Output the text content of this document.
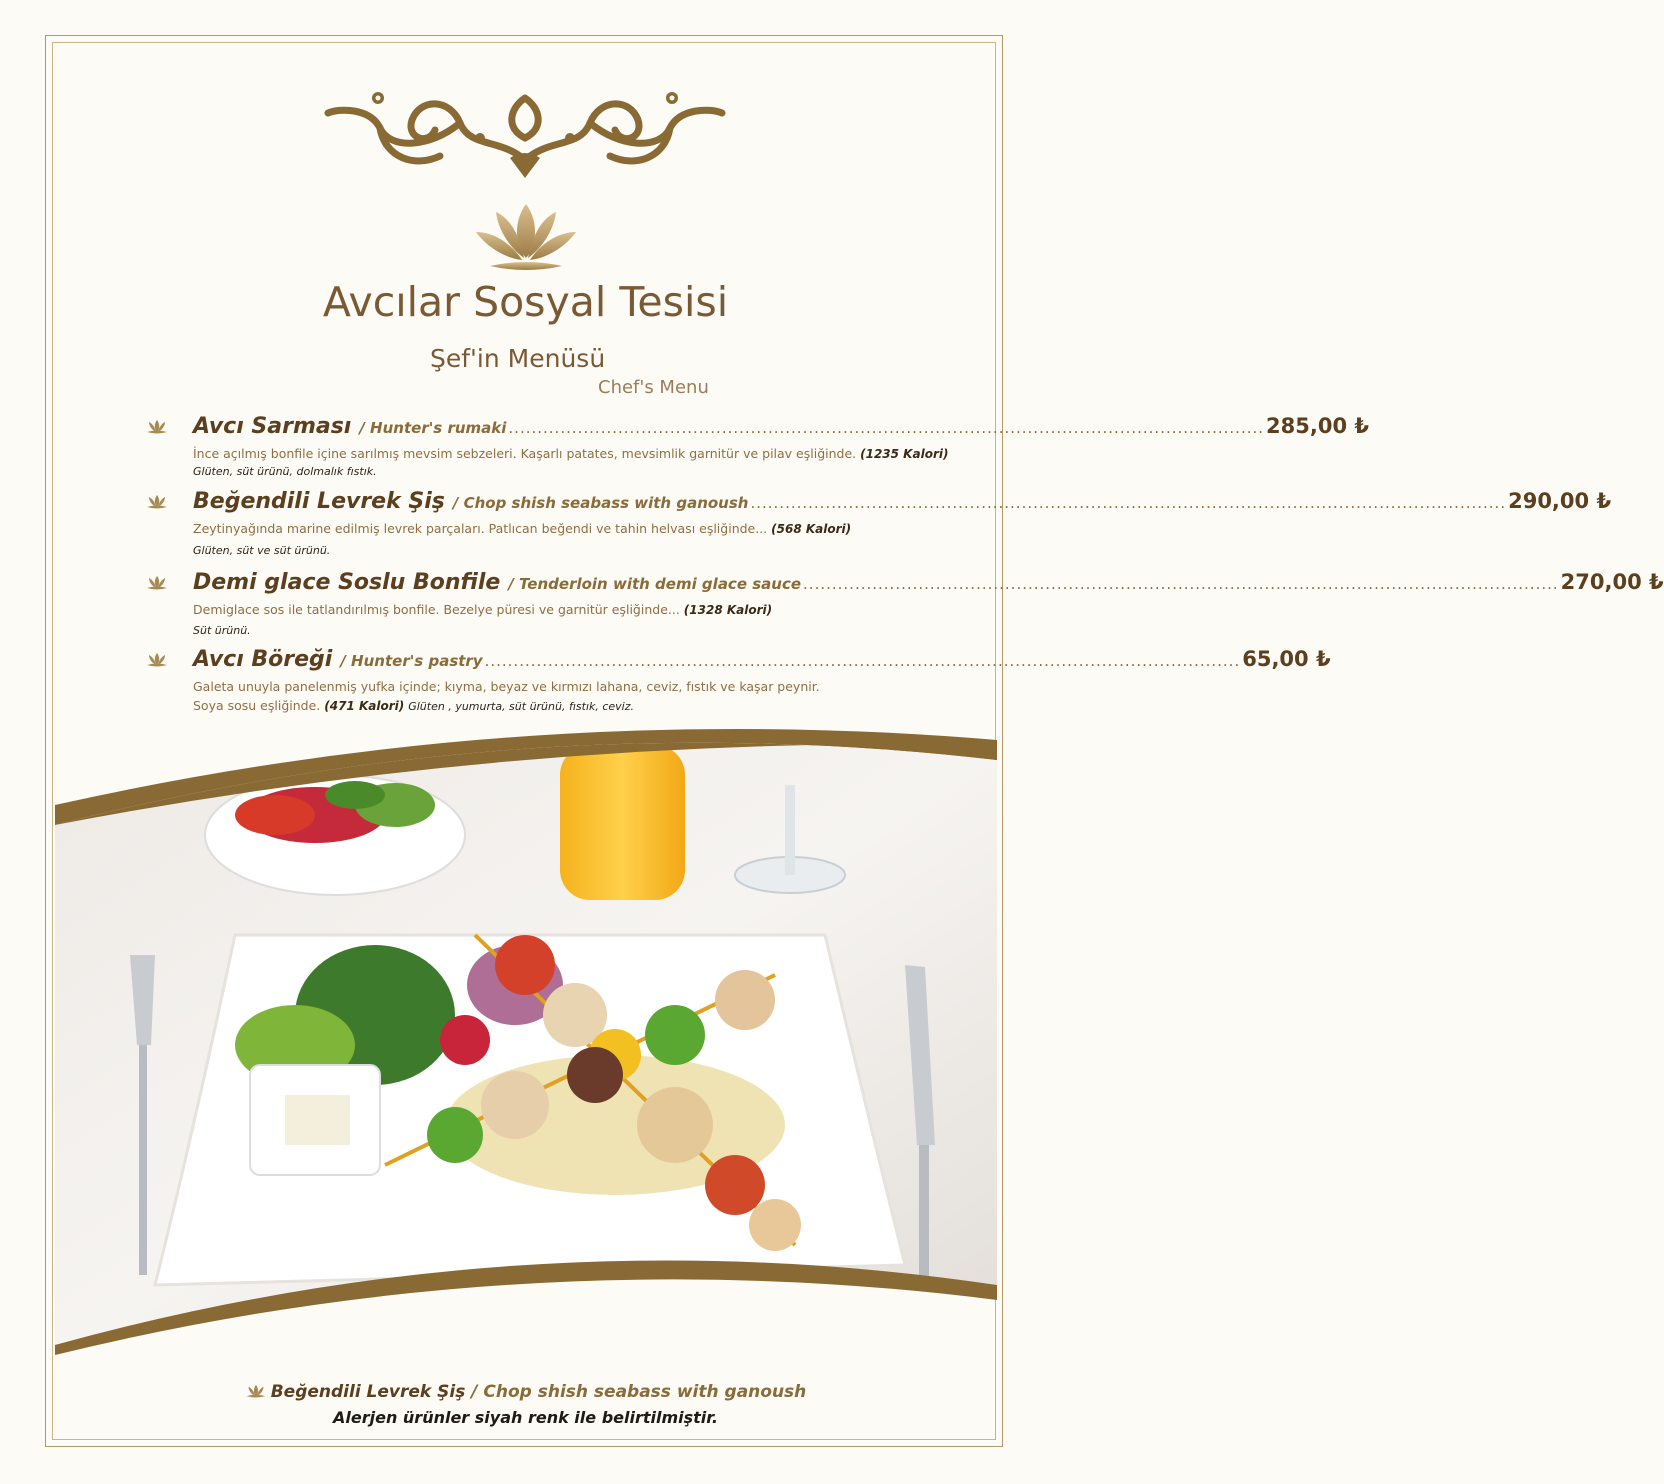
Avcılar Sosyal Tesisi
Şef'in Menüsü
Chef's Menu
Avcı Sarması / Hunter's rumaki ................................................................................................................................... 285,00 ₺
İnce açılmış bonfile içine sarılmış mevsim sebzeleri. Kaşarlı patates, mevsimlik garnitür ve pilav eşliğinde. (1235 Kalori)
Glüten, süt ürünü, dolmalık fıstık.
Beğendili Levrek Şiş / Chop shish seabass with ganoush ................................................................................................................................... 290,00 ₺
Zeytinyağında marine edilmiş levrek parçaları. Patlıcan beğendi ve tahin helvası eşliğinde... (568 Kalori)
Glüten, süt ve süt ürünü.
Demi glace Soslu Bonfile / Tenderloin with demi glace sauce ................................................................................................................................... 270,00 ₺
Demiglace sos ile tatlandırılmış bonfile. Bezelye püresi ve garnitür eşliğinde... (1328 Kalori)
Süt ürünü.
Avcı Böreği / Hunter's pastry ................................................................................................................................... 65,00 ₺
Galeta unuyla panelenmiş yufka içinde; kıyma, beyaz ve kırmızı lahana, ceviz, fıstık ve kaşar peynir.
Soya sosu eşliğinde. (471 Kalori) Glüten , yumurta, süt ürünü, fıstık, ceviz.
Beğendili Levrek Şiş / Chop shish seabass with ganoush
Alerjen ürünler siyah renk ile belirtilmiştir.
